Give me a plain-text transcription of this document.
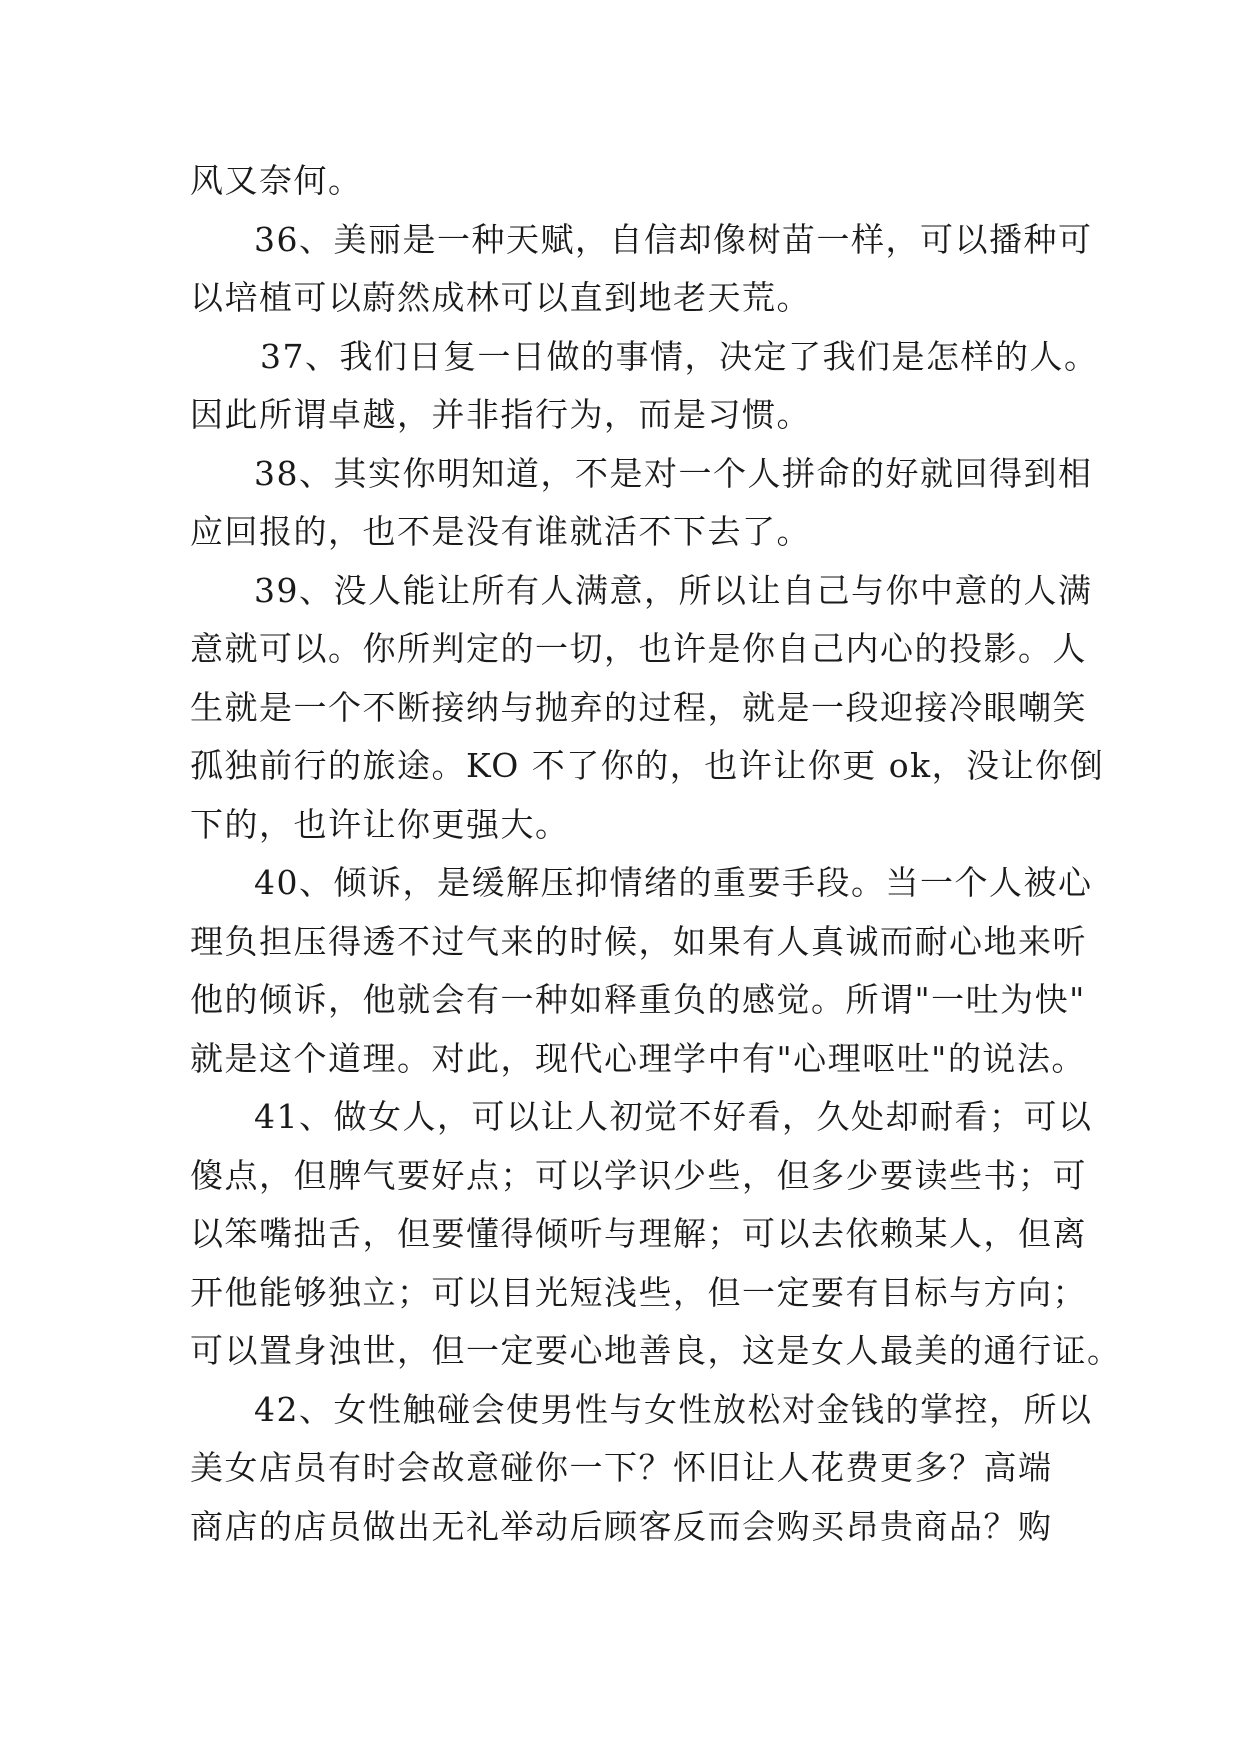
风又奈何。
36、美丽是一种天赋，自信却像树苗一样，可以播种可
以培植可以蔚然成林可以直到地老天荒。
37、我们日复一日做的事情，决定了我们是怎样的人。
因此所谓卓越，并非指行为，而是习惯。
38、其实你明知道，不是对一个人拼命的好就回得到相
应回报的，也不是没有谁就活不下去了。
39、没人能让所有人满意，所以让自己与你中意的人满
意就可以。你所判定的一切，也许是你自己内心的投影。人
生就是一个不断接纳与抛弃的过程，就是一段迎接冷眼嘲笑
孤独前行的旅途。KO 不了你的，也许让你更 ok，没让你倒
下的，也许让你更强大。
40、倾诉，是缓解压抑情绪的重要手段。当一个人被心
理负担压得透不过气来的时候，如果有人真诚而耐心地来听
他的倾诉，他就会有一种如释重负的感觉。所谓"一吐为快"
就是这个道理。对此，现代心理学中有"心理呕吐"的说法。
41、做女人，可以让人初觉不好看，久处却耐看；可以
傻点，但脾气要好点；可以学识少些，但多少要读些书；可
以笨嘴拙舌，但要懂得倾听与理解；可以去依赖某人，但离
开他能够独立；可以目光短浅些，但一定要有目标与方向；
可以置身浊世，但一定要心地善良，这是女人最美的通行证。
42、女性触碰会使男性与女性放松对金钱的掌控，所以
美女店员有时会故意碰你一下？怀旧让人花费更多？高端
商店的店员做出无礼举动后顾客反而会购买昂贵商品？购
